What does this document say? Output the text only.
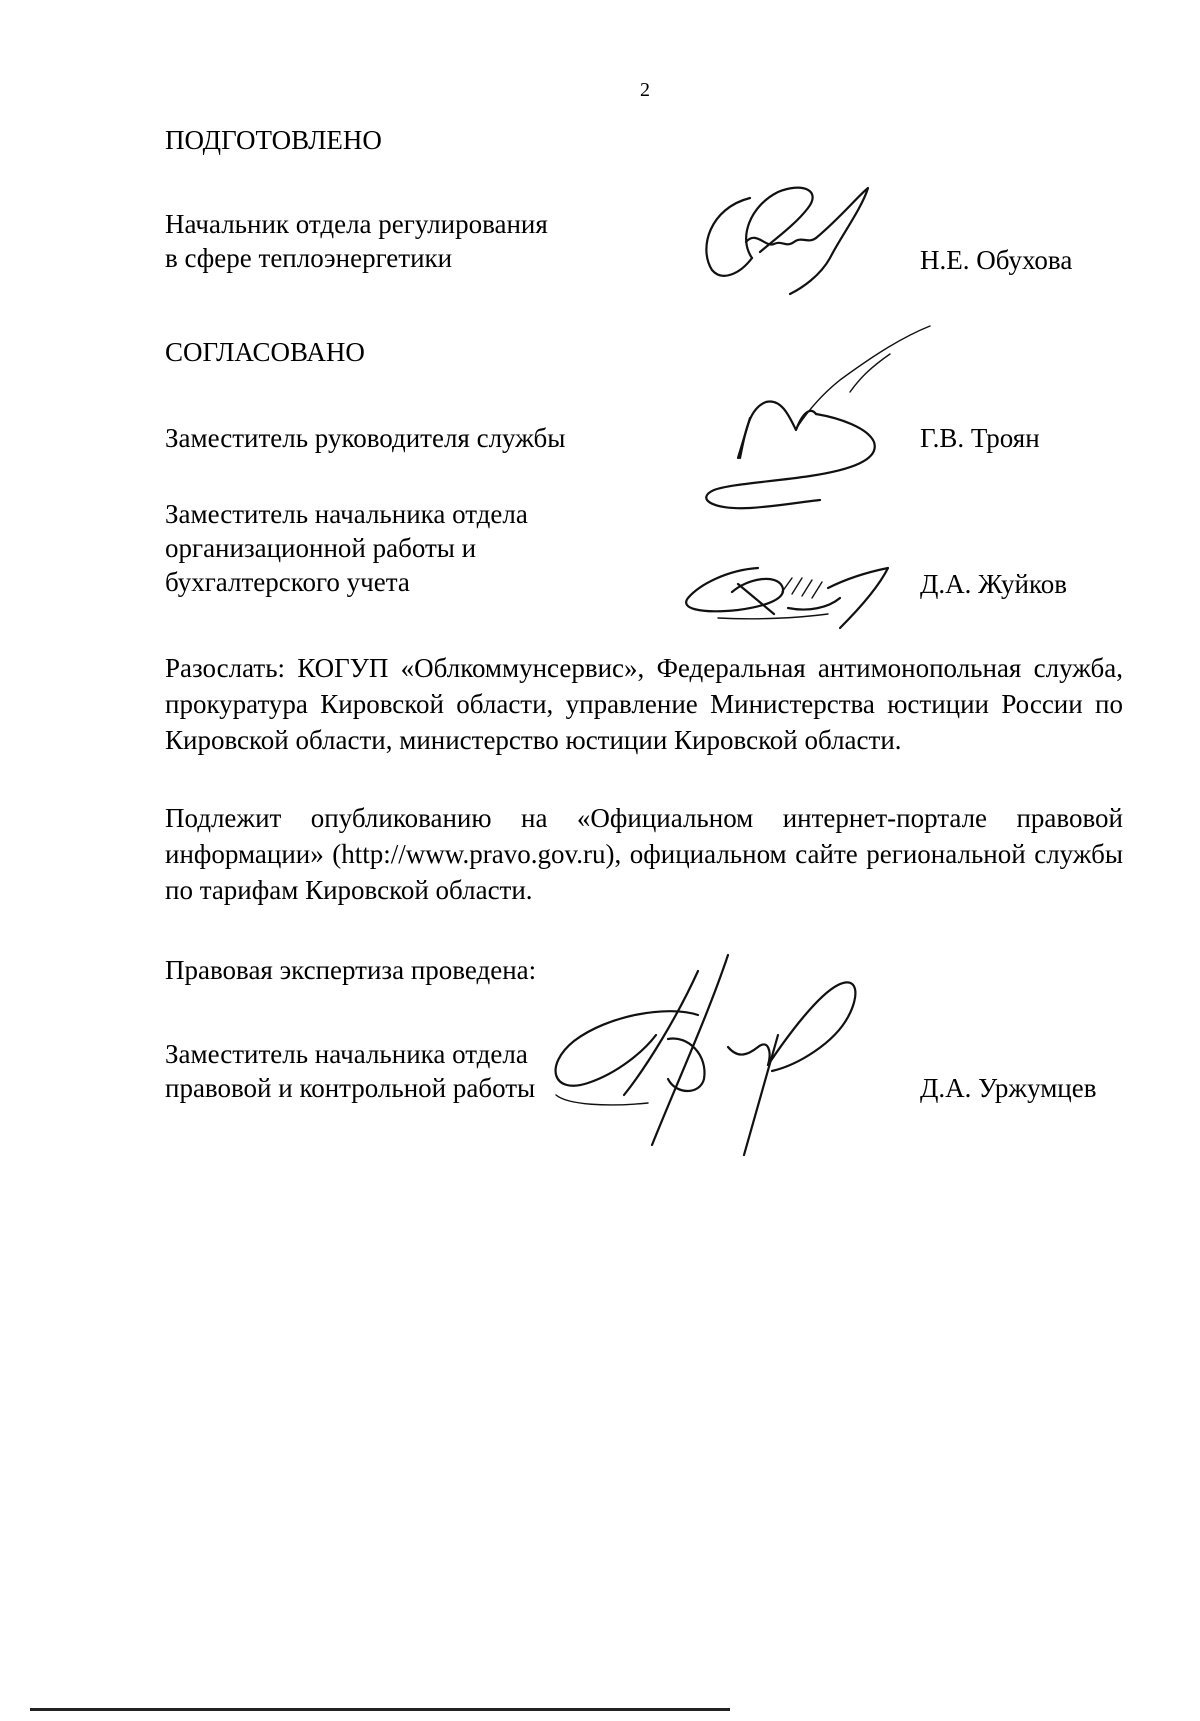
2
ПОДГОТОВЛЕНО
Начальник отдела регулирования
в сфере теплоэнергетики	Н.Е. Обухова
СОГЛАСОВАНО
Заместитель руководителя службы	Г.В. Троян
Заместитель начальника отдела
организационной работы и
бухгалтерского учета	Д.А. Жуйков
Разослать: КОГУП «Облкоммунсервис», Федеральная антимонопольная служба, прокуратура Кировской области, управление Министерства юстиции России по Кировской области, министерство юстиции Кировской области.
Подлежит опубликованию на «Официальном интернет-портале правовой информации» (http://www.pravo.gov.ru), официальном сайте региональной службы по тарифам Кировской области.
Правовая экспертиза проведена:
Заместитель начальника отдела
правовой и контрольной работы	Д.А. Уржумцев
